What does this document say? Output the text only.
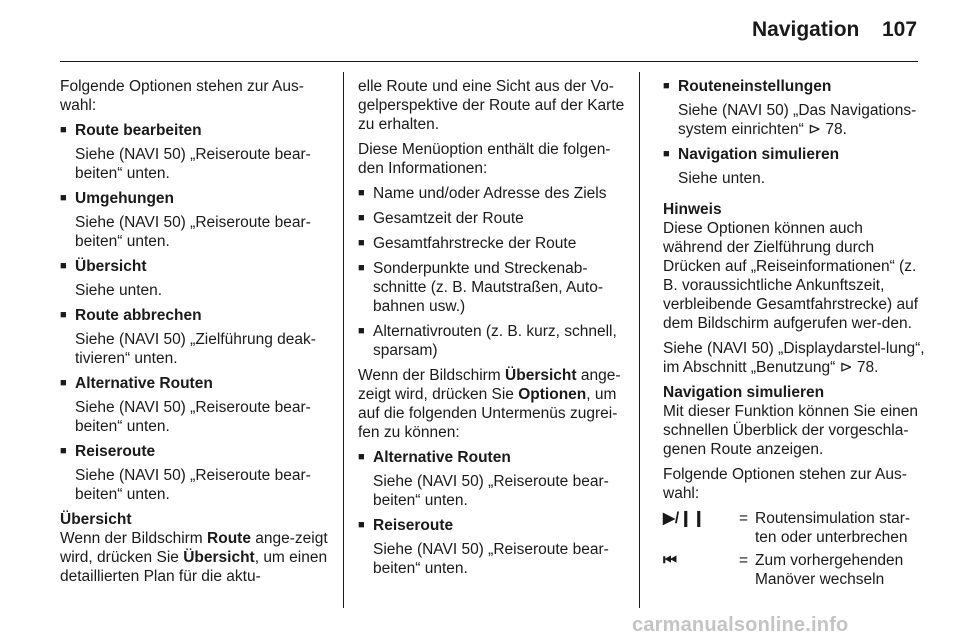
Navigation 107

Folgende Optionen stehen zur Aus-wahl:

■ Route bearbeiten
Siehe (NAVI 50) „Reiseroute bear-beiten“ unten.
■ Umgehungen
Siehe (NAVI 50) „Reiseroute bear-beiten“ unten.
■ Übersicht
Siehe unten.
■ Route abbrechen
Siehe (NAVI 50) „Zielführung deak-tivieren“ unten.
■ Alternative Routen
Siehe (NAVI 50) „Reiseroute bear-beiten“ unten.
■ Reiseroute
Siehe (NAVI 50) „Reiseroute bear-beiten“ unten.
Übersicht

Wenn der Bildschirm Route ange-zeigt wird, drücken Sie Übersicht, um einen detaillierten Plan für die aktu-

elle Route und eine Sicht aus der Vo-gelperspektive der Route auf der Karte zu erhalten.

Diese Menüoption enthält die folgen-den Informationen:

■ Name und/oder Adresse des Ziels
■ Gesamtzeit der Route
■ Gesamtfahrstrecke der Route
■ Sonderpunkte und Streckenab-schnitte (z. B. Mautstraßen, Auto-bahnen usw.)
■ Alternativrouten (z. B. kurz, schnell, sparsam)

Wenn der Bildschirm Übersicht ange-zeigt wird, drücken Sie Optionen, um auf die folgenden Untermenüs zugrei-fen zu können:

■ Alternative Routen
Siehe (NAVI 50) „Reiseroute bear-beiten“ unten.
■ Reiseroute
Siehe (NAVI 50) „Reiseroute bear-beiten“ unten.
■ Routeneinstellungen
Siehe (NAVI 50) „Das Navigations-system einrichten“ ⊳ 78.
■ Navigation simulieren
Siehe unten.
Hinweis

Diese Optionen können auch während der Zielführung durch Drücken auf „Reiseinformationen“ (z. B. voraussichtliche Ankunftszeit, verbleibende Gesamtfahrstrecke) auf dem Bildschirm aufgerufen wer-den.

Siehe (NAVI 50) „Displaydarstel-lung“, im Abschnitt „Benutzung“ ⊳ 78.

Navigation simulieren

Mit dieser Funktion können Sie einen schnellen Überblick der vorgeschla-genen Route anzeigen.

Folgende Optionen stehen zur Aus-wahl:

▶/❙❙	= Routensimulation star-ten oder unterbrechen
⏮	= Zum vorhergehenden Manöver wechseln
carmanualsonline.info
